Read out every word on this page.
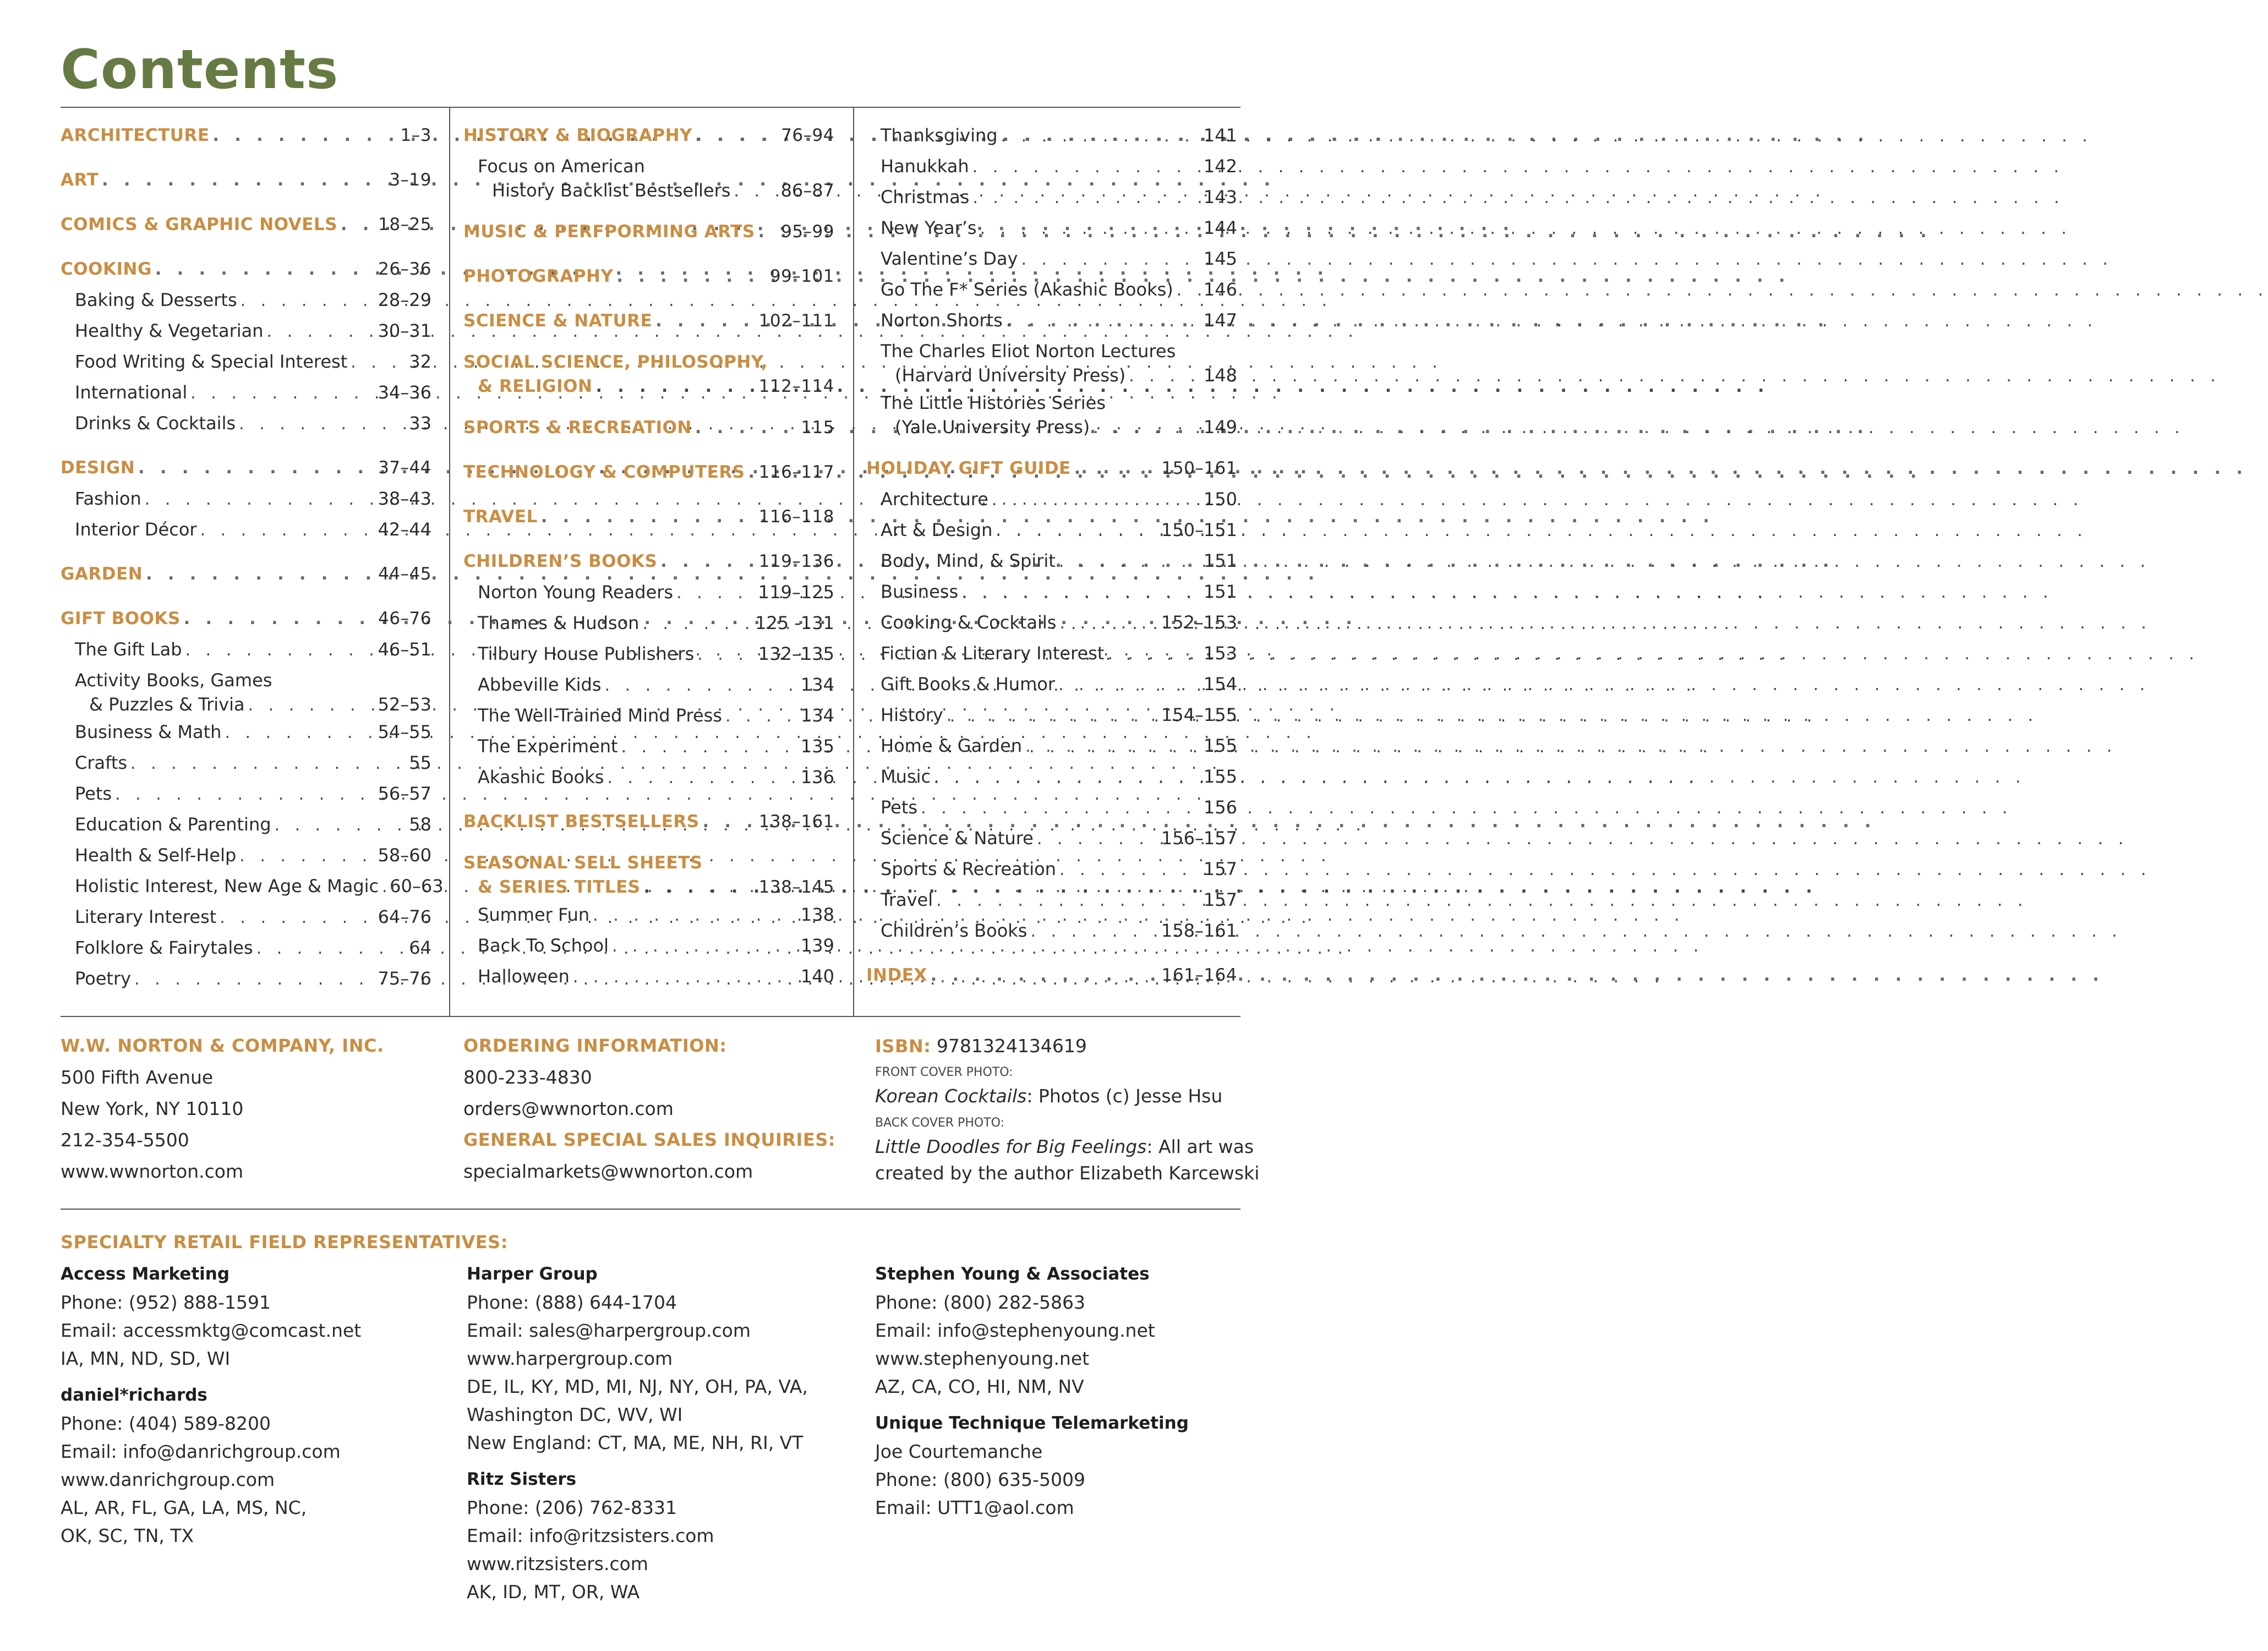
Contents
ARCHITECTURE . . .	1–3
ART . . .	3–19
COMICS & GRAPHIC NOVELS . . . 18–25
COOKING . . .	26–36
Baking & Desserts . . .	28–29
Healthy & Vegetarian . . .	30–31
Food Writing & Special Interest . . .	32
International . . .	34–36
Drinks & Cocktails . . .	33
DESIGN . . .	37–44
Fashion . . .	38–43
Interior Décor . . .	42–44
GARDEN . . .	44–45
GIFT BOOKS . . .	46–76
The Gift Lab . . .	46–51
Activity Books, Games
& Puzzles & Trivia . . .	52–53
Business & Math . . .	54–55
Crafts . . .	55
Pets . . .	56–57
Education & Parenting . . .	58
Health & Self-Help . . .	58–60
Holistic Interest, New Age & Magic . . . 60–63
Literary Interest . . .	64–76
Folklore & Fairytales . . .	64
Poetry . . .	75–76
HISTORY & BIOGRAPHY . . .	76–94
Focus on American
History Backlist Bestsellers . . .	86–87
MUSIC & PERFPORMING ARTS . . . 95–99
PHOTOGRAPHY . . .	99–101
SCIENCE & NATURE . . .	102–111
SOCIAL SCIENCE, PHILOSOPHY,
& RELIGION . . .	112–114
SPORTS & RECREATION . . .	115
TECHNOLOGY & COMPUTERS . . . 116–117
TRAVEL . . .	116–118
CHILDREN’S BOOKS . . .	119–136
Norton Young Readers . . .	119–125
Thames & Hudson . . .	125 -131
Tilbury House Publishers . . .	132–135
Abbeville Kids . . .	134
The Well-Trained Mind Press . . .	134
The Experiment . . .	135
Akashic Books . . .	136
BACKLIST BESTSELLERS . . .	138–161
SEASONAL SELL SHEETS
& SERIES TITLES . . .	138–145
Summer Fun . . .	138
Back To School . . .	139
Halloween . . .	140
Thanksgiving . . .	141
Hanukkah . . .	142
Christmas . . .	143
New Year’s . . .	144
Valentine’s Day . . .	145
Go The F* Series (Akashic Books) . . . 146
Norton Shorts . . .	147
The Charles Eliot Norton Lectures
(Harvard University Press) . . .	148
The Little Histories Series
(Yale University Press) . . .	149
HOLIDAY GIFT GUIDE . . .	150–161
Architecture . . .	150
Art & Design . . .	150–151
Body, Mind, & Spirit . . .	151
Business . . .	151
Cooking & Cocktails . . .	152–153
Fiction & Literary Interest . . .	153
Gift Books & Humor . . .	154
History . . .	154–155
Home & Garden . . .	155
Music . . .	155
Pets . . .	156
Science & Nature . . .	156–157
Sports & Recreation . . .	157
Travel . . .	157
Children’s Books . . .	158–161
INDEX . . .	161–164
W.W. NORTON & COMPANY, INC.
500 Fifth Avenue
New York, NY 10110
212-354-5500
www.wwnorton.com
ORDERING INFORMATION:
800-233-4830
orders@wwnorton.com
GENERAL SPECIAL SALES INQUIRIES:
specialmarkets@wwnorton.com
ISBN: 9781324134619
FRONT COVER PHOTO:
Korean Cocktails: Photos (c) Jesse Hsu
BACK COVER PHOTO:
Little Doodles for Big Feelings: All art was
created by the author Elizabeth Karcewski
SPECIALTY RETAIL FIELD REPRESENTATIVES:
Access Marketing
Phone: (952) 888-1591
Email: accessmktg@comcast.net
IA, MN, ND, SD, WI
daniel*richards
Phone: (404) 589-8200
Email: info@danrichgroup.com
www.danrichgroup.com
AL, AR, FL, GA, LA, MS, NC,
OK, SC, TN, TX
Harper Group
Phone: (888) 644-1704
Email: sales@harpergroup.com
www.harpergroup.com
DE, IL, KY, MD, MI, NJ, NY, OH, PA, VA,
Washington DC, WV, WI
New England: CT, MA, ME, NH, RI, VT
Ritz Sisters
Phone: (206) 762-8331
Email: info@ritzsisters.com
www.ritzsisters.com
AK, ID, MT, OR, WA
Stephen Young & Associates
Phone: (800) 282-5863
Email: info@stephenyoung.net
www.stephenyoung.net
AZ, CA, CO, HI, NM, NV
Unique Technique Telemarketing
Joe Courtemanche
Phone: (800) 635-5009
Email: UTT1@aol.com
